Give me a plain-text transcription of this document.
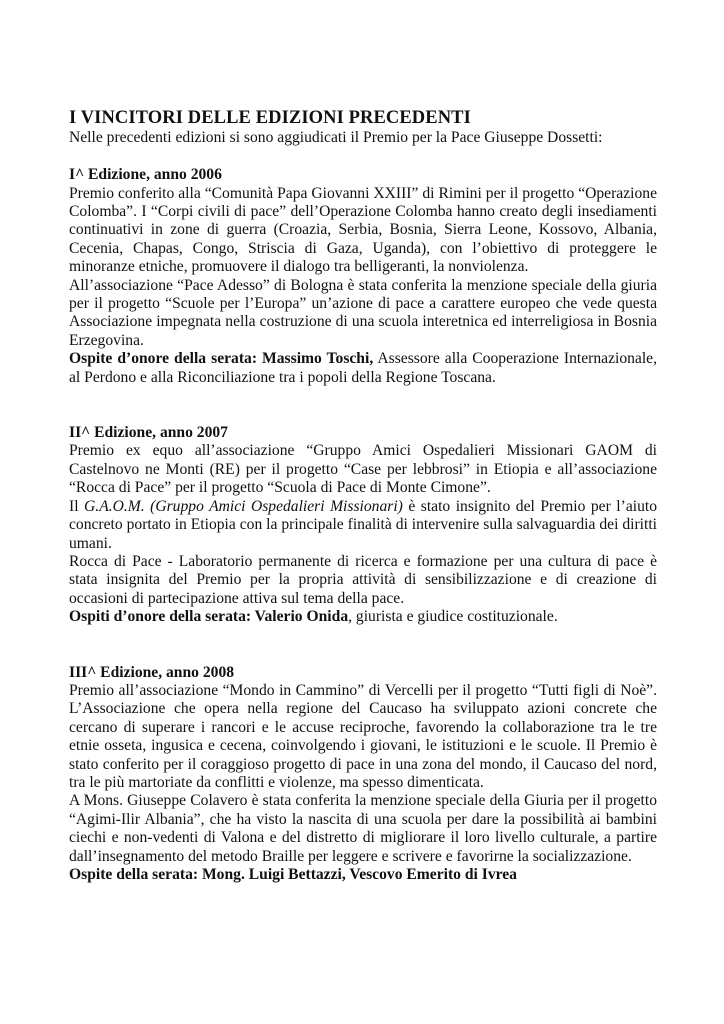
I VINCITORI DELLE EDIZIONI PRECEDENTI

Nelle precedenti edizioni si sono aggiudicati il Premio per la Pace Giuseppe Dossetti:

I^ Edizione, anno 2006

Premio conferito alla “Comunità Papa Giovanni XXIII” di Rimini per il progetto “Operazione Colomba”. I “Corpi civili di pace” dell’Operazione Colomba hanno creato degli insediamenti continuativi in zone di guerra (Croazia, Serbia, Bosnia, Sierra Leone, Kossovo, Albania, Cecenia, Chapas, Congo, Striscia di Gaza, Uganda), con l’obiettivo di proteggere le minoranze etniche, promuovere il dialogo tra belligeranti, la nonviolenza.

All’associazione “Pace Adesso” di Bologna è stata conferita la menzione speciale della giuria per il progetto “Scuole per l’Europa” un’azione di pace a carattere europeo che vede questa Associazione impegnata nella costruzione di una scuola interetnica ed interreligiosa in Bosnia Erzegovina.

Ospite d’onore della serata: Massimo Toschi, Assessore alla Cooperazione Internazionale, al Perdono e alla Riconciliazione tra i popoli della Regione Toscana.

II^ Edizione, anno 2007

Premio ex equo all’associazione “Gruppo Amici Ospedalieri Missionari GAOM di Castelnovo ne Monti (RE) per il progetto “Case per lebbrosi” in Etiopia e all’associazione “Rocca di Pace” per il progetto “Scuola di Pace di Monte Cimone”.

Il G.A.O.M. (Gruppo Amici Ospedalieri Missionari) è stato insignito del Premio per l’aiuto concreto portato in Etiopia con la principale finalità di intervenire sulla salvaguardia dei diritti umani.

Rocca di Pace - Laboratorio permanente di ricerca e formazione per una cultura di pace è stata insignita del Premio per la propria attività di sensibilizzazione e di creazione di occasioni di partecipazione attiva sul tema della pace.

Ospiti d’onore della serata: Valerio Onida, giurista e giudice costituzionale.

III^ Edizione, anno 2008

Premio all’associazione “Mondo in Cammino” di Vercelli per il progetto “Tutti figli di Noè”. L’Associazione che opera nella regione del Caucaso ha sviluppato azioni concrete che cercano di superare i rancori e le accuse reciproche, favorendo la collaborazione tra le tre etnie osseta, ingusica e cecena, coinvolgendo i giovani, le istituzioni e le scuole. Il Premio è stato conferito per il coraggioso progetto di pace in una zona del mondo, il Caucaso del nord, tra le più martoriate da conflitti e violenze, ma spesso dimenticata.

A Mons. Giuseppe Colavero è stata conferita la menzione speciale della Giuria per il progetto “Agimi-Ilir Albania”, che ha visto la nascita di una scuola per dare la possibilità ai bambini ciechi e non-vedenti di Valona e del distretto di migliorare il loro livello culturale, a partire dall’insegnamento del metodo Braille per leggere e scrivere e favorirne la socializzazione.

Ospite della serata: Mong. Luigi Bettazzi, Vescovo Emerito di Ivrea
